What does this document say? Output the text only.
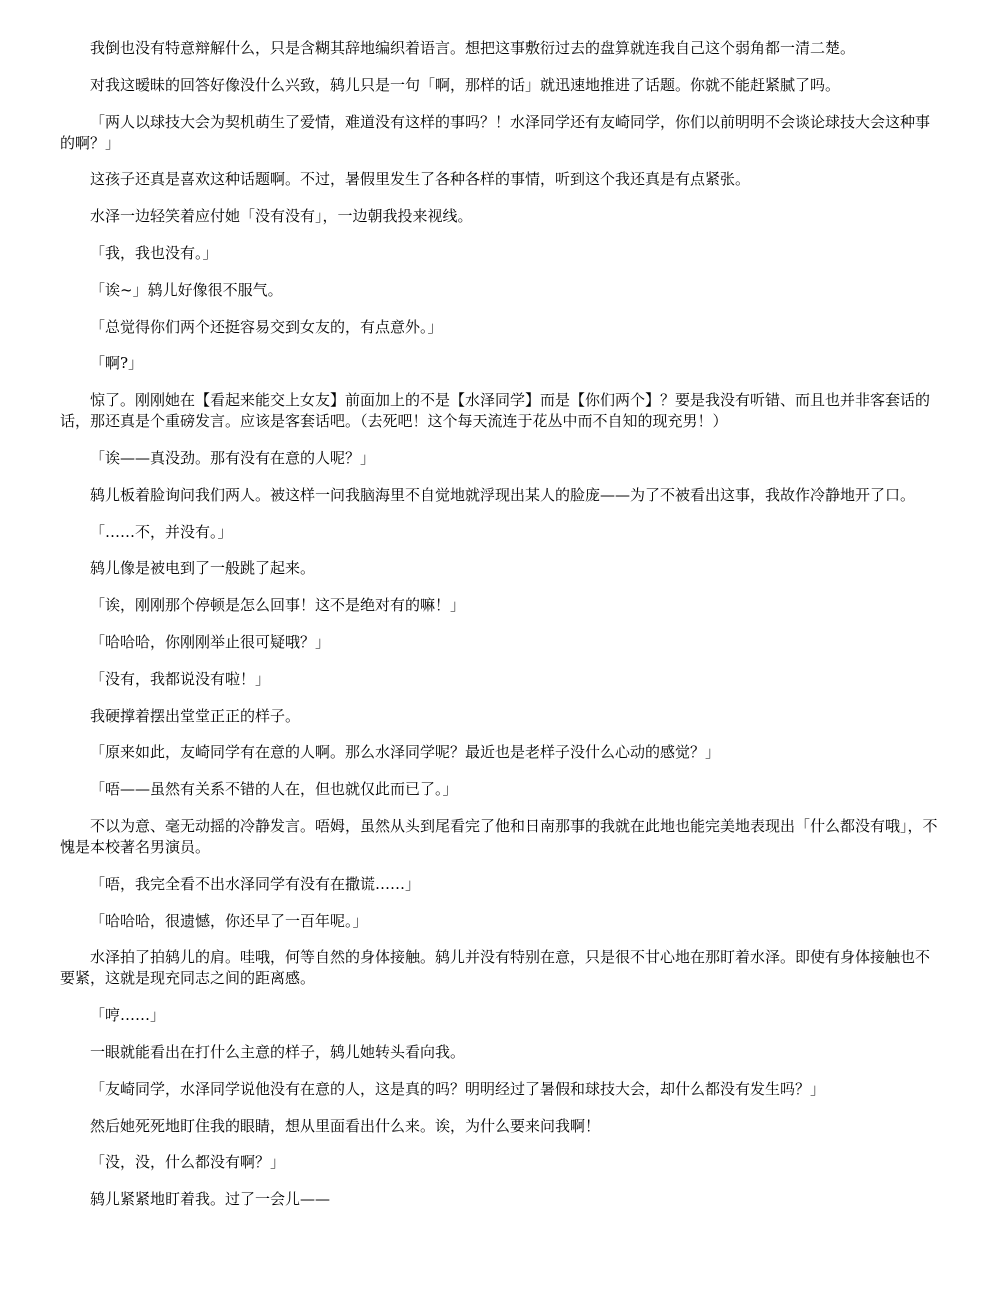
我倒也没有特意辩解什么，只是含糊其辞地编织着语言。想把这事敷衍过去的盘算就连我自己这个弱角都一清二楚。

对我这暧昧的回答好像没什么兴致，鸫儿只是一句「啊，那样的话」就迅速地推进了话题。你就不能赶紧腻了吗。

「两人以球技大会为契机萌生了爱情，难道没有这样的事吗？！水泽同学还有友崎同学，你们以前明明不会谈论球技大会这种事的啊？」

这孩子还真是喜欢这种话题啊。不过，暑假里发生了各种各样的事情，听到这个我还真是有点紧张。

水泽一边轻笑着应付她「没有没有」，一边朝我投来视线。

「我，我也没有。」

「诶~」鸫儿好像很不服气。

「总觉得你们两个还挺容易交到女友的，有点意外。」

「啊?」

惊了。刚刚她在【看起来能交上女友】前面加上的不是【水泽同学】而是【你们两个】？要是我没有听错、而且也并非客套话的话，那还真是个重磅发言。应该是客套话吧。（去死吧！这个每天流连于花丛中而不自知的现充男！）

「诶——真没劲。那有没有在意的人呢？」

鸫儿板着脸询问我们两人。被这样一问我脑海里不自觉地就浮现出某人的脸庞——为了不被看出这事，我故作冷静地开了口。

「……不，并没有。」

鸫儿像是被电到了一般跳了起来。

「诶，刚刚那个停顿是怎么回事！这不是绝对有的嘛！」

「哈哈哈，你刚刚举止很可疑哦？」

「没有，我都说没有啦！」

我硬撑着摆出堂堂正正的样子。

「原来如此，友崎同学有在意的人啊。那么水泽同学呢？最近也是老样子没什么心动的感觉？」

「唔——虽然有关系不错的人在，但也就仅此而已了。」

不以为意、毫无动摇的冷静发言。唔姆，虽然从头到尾看完了他和日南那事的我就在此地也能完美地表现出「什么都没有哦」，不愧是本校著名男演员。

「唔，我完全看不出水泽同学有没有在撒谎……」

「哈哈哈，很遗憾，你还早了一百年呢。」

水泽拍了拍鸫儿的肩。哇哦，何等自然的身体接触。鸫儿并没有特别在意，只是很不甘心地在那盯着水泽。即使有身体接触也不要紧，这就是现充同志之间的距离感。

「哼……」

一眼就能看出在打什么主意的样子，鸫儿她转头看向我。

「友崎同学，水泽同学说他没有在意的人，这是真的吗？明明经过了暑假和球技大会，却什么都没有发生吗？」

然后她死死地盯住我的眼睛，想从里面看出什么来。诶，为什么要来问我啊！

「没，没，什么都没有啊？」

鸫儿紧紧地盯着我。过了一会儿——
